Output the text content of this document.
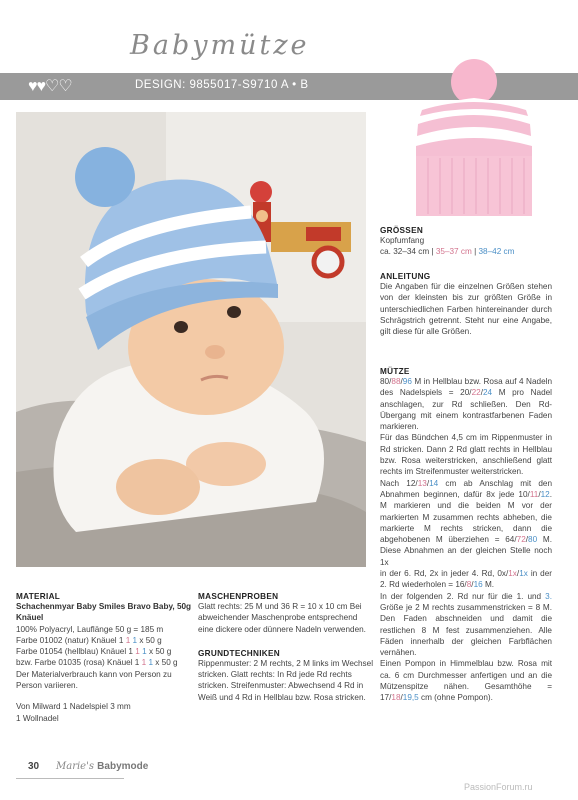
Babymütze
♥♥♡♡	DESIGN: 9855017-S9710 A • B
GRÖSSEN
Kopfumfang
ca. 32–34 cm | 35–37 cm | 38–42 cm
ANLEITUNG
Die Angaben für die einzelnen Größen stehen von der kleinsten bis zur größten Größe in unterschiedlichen Farben hintereinander durch Schrägstrich getrennt. Steht nur eine Angabe, gilt diese für alle Größen.
MÜTZE
80/88/96 M in Hellblau bzw. Rosa auf 4 Nadeln des Nadelspiels = 20/22/24 M pro Nadel anschlagen, zur Rd schließen. Den Rd-Übergang mit einem kontrastfarbenen Faden markieren.
Für das Bündchen 4,5 cm im Rippenmuster in Rd stricken. Dann 2 Rd glatt rechts in Hellblau bzw. Rosa weiterstricken, anschließend glatt rechts im Streifenmuster weiterstricken.
Nach 12/13/14 cm ab Anschlag mit den Abnahmen beginnen, dafür 8x jede 10/11/12. M markieren und die beiden M vor der markierten M zusammen rechts abheben, die markierte M rechts stricken, dann die abgehobenen M überziehen = 64/72/80 M. Diese Abnahmen an der gleichen Stelle noch 1x
in der 6. Rd, 2x in jeder 4. Rd, 0x/1x/1x in der 2. Rd wiederholen = 16/8/16 M.
In der folgenden 2. Rd nur für die 1. und 3. Größe je 2 M rechts zusammenstricken = 8 M. Den Faden abschneiden und damit die restlichen 8 M fest zusammenziehen. Alle Fäden innerhalb der gleichen Farbflächen vernähen.
Einen Pompon in Himmelblau bzw. Rosa mit ca. 6 cm Durchmesser anfertigen und an die Mützenspitze nähen. Gesamthöhe = 17/18/19,5 cm (ohne Pompon).
MATERIAL
Schachenmyar Baby Smiles Bravo Baby, 50g Knäuel
100% Polyacryl, Lauflänge 50 g = 185 m
Farbe 01002 (natur) Knäuel 1 1 1 x 50 g
Farbe 01054 (hellblau) Knäuel 1 1 1 x 50 g
bzw. Farbe 01035 (rosa) Knäuel 1 1 1 x 50 g
Der Materialverbrauch kann von Person zu Person variieren.
Von Milward 1 Nadelspiel 3 mm
1 Wollnadel
MASCHENPROBEN
Glatt rechts: 25 M und 36 R = 10 x 10 cm Bei abweichender Maschenprobe entsprechend eine dickere oder dünnere Nadeln verwenden.
GRUNDTECHNIKEN
Rippenmuster: 2 M rechts, 2 M links im Wechsel stricken. Glatt rechts: In Rd jede Rd rechts stricken. Streifenmuster: Abwechsend 4 Rd in Weiß und 4 Rd in Hellblau bzw. Rosa stricken.
30 Marie's Babymode
PassionForum.ru
